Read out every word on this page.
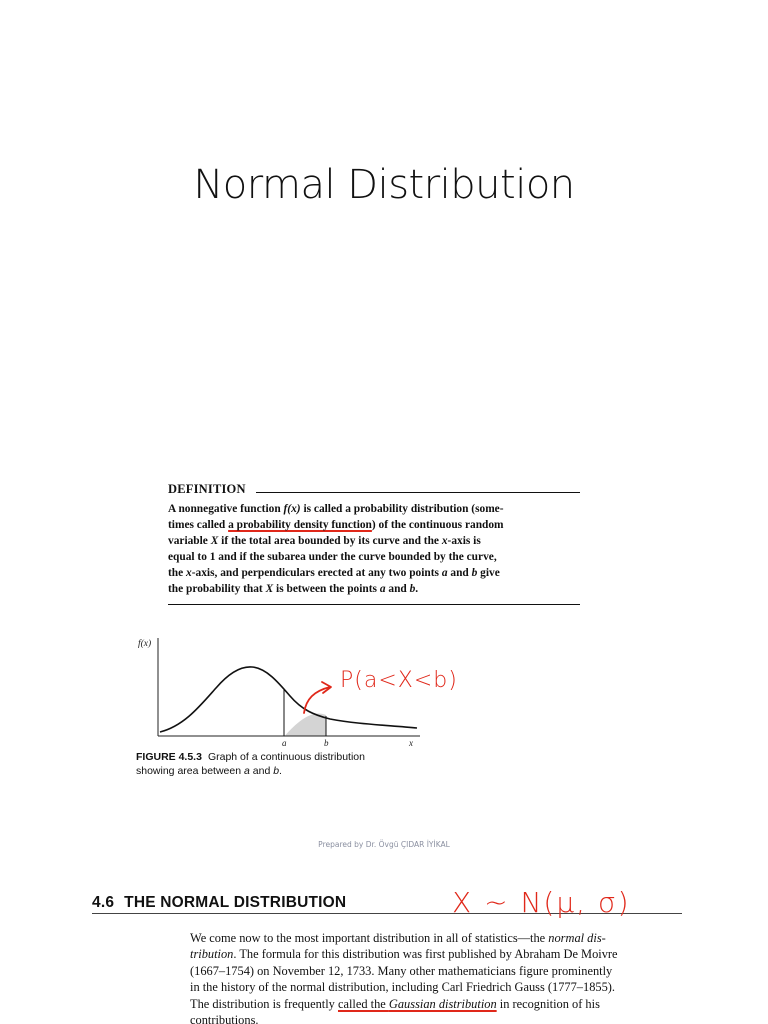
Normal Distribution
DEFINITION
A nonnegative function f(x) is called a probability distribution (some-
times called a probability density function) of the continuous random
variable X if the total area bounded by its curve and the x-axis is
equal to 1 and if the subarea under the curve bounded by the curve,
the x-axis, and perpendiculars erected at any two points a and b give
the probability that X is between the points a and b.
f(x)
a	b	x
P(a<X<b)
FIGURE 4.5.3 Graph of a continuous distribution
showing area between a and b.
Prepared by Dr. Övgü ÇIDAR İYİKAL
4.6 THE NORMAL DISTRIBUTION	X ~ N(μ, σ)
We come now to the most important distribution in all of statistics—the normal dis-
tribution. The formula for this distribution was first published by Abraham De Moivre
(1667–1754) on November 12, 1733. Many other mathematicians figure prominently
in the history of the normal distribution, including Carl Friedrich Gauss (1777–1855).
The distribution is frequently called the Gaussian distribution in recognition of his
contributions.
